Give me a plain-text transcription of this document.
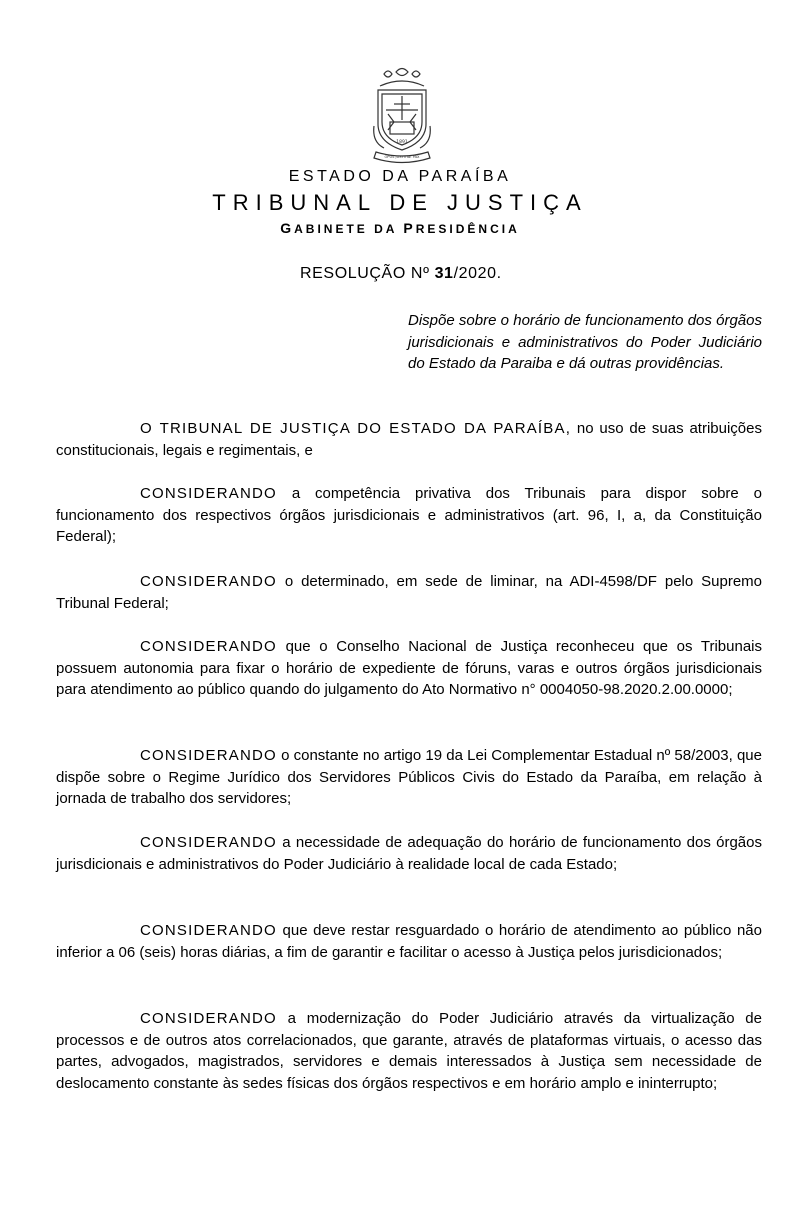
1891
OPUS JUSTITIÆ PAX
ESTADO DA PARAÍBA
TRIBUNAL DE JUSTIÇA
GABINETE DA PRESIDÊNCIA
RESOLUÇÃO Nº 31/2020.
Dispõe sobre o horário de funcionamento dos órgãos jurisdicionais e administrativos do Poder Judiciário do Estado da Paraiba e dá outras providências.

O TRIBUNAL DE JUSTIÇA DO ESTADO DA PARAÍBA, no uso de suas atribuições constitucionais, legais e regimentais, e

CONSIDERANDO a competência privativa dos Tribunais para dispor sobre o funcionamento dos respectivos órgãos jurisdicionais e administrativos (art. 96, I, a, da Constituição Federal);

CONSIDERANDO o determinado, em sede de liminar, na ADI-4598/DF pelo Supremo Tribunal Federal;

CONSIDERANDO que o Conselho Nacional de Justiça reconheceu que os Tribunais possuem autonomia para fixar o horário de expediente de fóruns, varas e outros órgãos jurisdicionais para atendimento ao público quando do julgamento do Ato Normativo n° 0004050-98.2020.2.00.0000;

CONSIDERANDO o constante no artigo 19 da Lei Complementar Estadual nº 58/2003, que dispõe sobre o Regime Jurídico dos Servidores Públicos Civis do Estado da Paraíba, em relação à jornada de trabalho dos servidores;

CONSIDERANDO a necessidade de adequação do horário de funcionamento dos órgãos jurisdicionais e administrativos do Poder Judiciário à realidade local de cada Estado;

CONSIDERANDO que deve restar resguardado o horário de atendimento ao público não inferior a 06 (seis) horas diárias, a fim de garantir e facilitar o acesso à Justiça pelos jurisdicionados;

CONSIDERANDO a modernização do Poder Judiciário através da virtualização de processos e de outros atos correlacionados, que garante, através de plataformas virtuais, o acesso das partes, advogados, magistrados, servidores e demais interessados à Justiça sem necessidade de deslocamento constante às sedes físicas dos órgãos respectivos e em horário amplo e ininterrupto;
